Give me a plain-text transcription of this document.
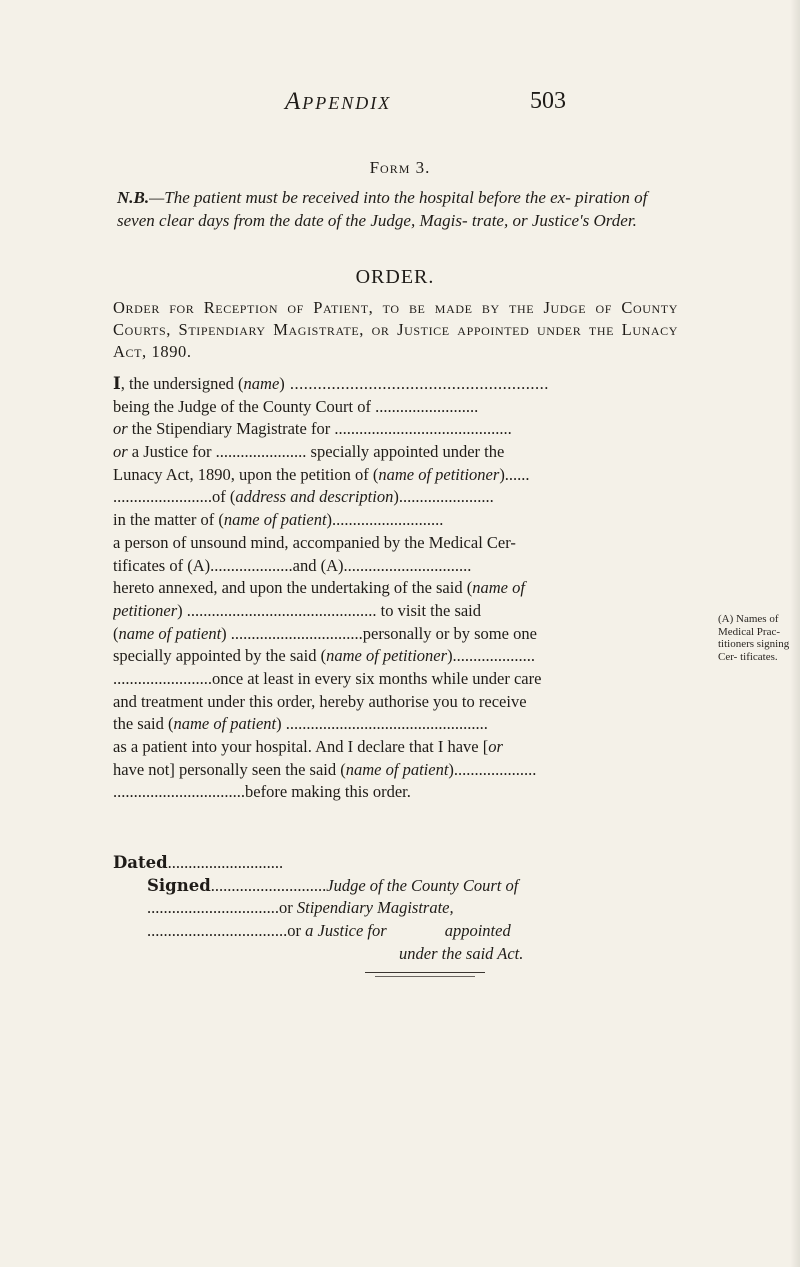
Appendix	503
Form 3.
N.B.—The patient must be received into the hospital before the ex- piration of seven clear days from the date of the Judge, Magis- trate, or Justice's Order.
ORDER.
Order for Reception of Patient, to be made by the Judge of County Courts, Stipendiary Magistrate, or Justice appointed under the Lunacy Act, 1890.
I, the undersigned (name) ........................................................
being the Judge of the County Court of .........................
or the Stipendiary Magistrate for ...........................................
or a Justice for ...................... specially appointed under the
Lunacy Act, 1890, upon the petition of (name of petitioner)......
........................of (address and description).......................
in the matter of (name of patient)...........................
a person of unsound mind, accompanied by the Medical Cer-
tificates of (A)....................and (A)...............................
hereto annexed, and upon the undertaking of the said (name of
petitioner) .............................................. to visit the said
(name of patient) ................................personally or by some one
specially appointed by the said (name of petitioner)....................
........................once at least in every six months while under care
and treatment under this order, hereby authorise you to receive
the said (name of patient) .................................................
as a patient into your hospital. And I declare that I have [or
have not] personally seen the said (name of patient)....................
................................before making this order.
(A) Names of Medical Prac- titioners signing Cer- tificates.
Dated............................
Signed............................Judge of the County Court of
................................or Stipendiary Magistrate,
..................................or a Justice for	appointed
under the said Act.
